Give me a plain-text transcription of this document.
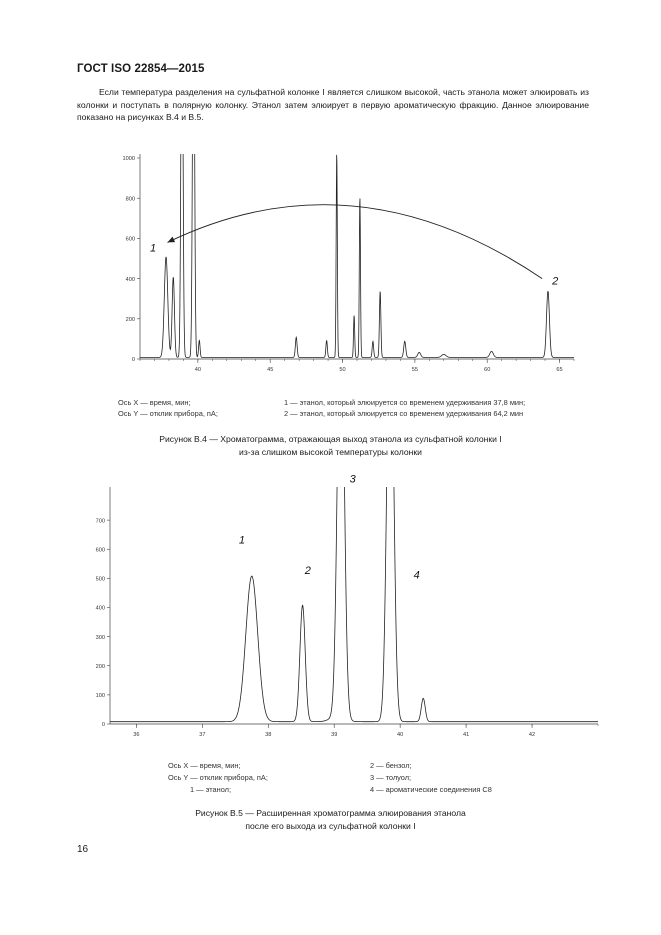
ГОСТ ISO 22854—2015

Если температура разделения на сульфатной колонке I является слишком высокой, часть этанола может элюировать из колонки и поступать в полярную колонку. Этанол затем элюирует в первую ароматическую фракцию. Данное элюирование показано на рисунках В.4 и В.5.

0
200
400
600
800
1000
40	45	50	55	60	65
1
2
Ось X — время, мин;
Ось Y — отклик прибора, пА;
1 — этанол, который элюируется со временем удерживания 37,8 мин;
2 — этанол, который элюируется со временем удерживания 64,2 мин
Рисунок В.4 — Хроматограмма, отражающая выход этанола из сульфатной колонки I
из-за слишком высокой температуры колонки
0
100
200
300
400
500
600
700
36	37	38	39	40	41	42
1
2
3
4
Ось X — время, мин;
Ось Y — отклик прибора, пА;
1 — этанол;
2 — бензол;
3 — толуол;
4 — ароматические соединения С8
Рисунок В.5 — Расширенная хроматограмма элюирования этанола
после его выхода из сульфатной колонки I
16
